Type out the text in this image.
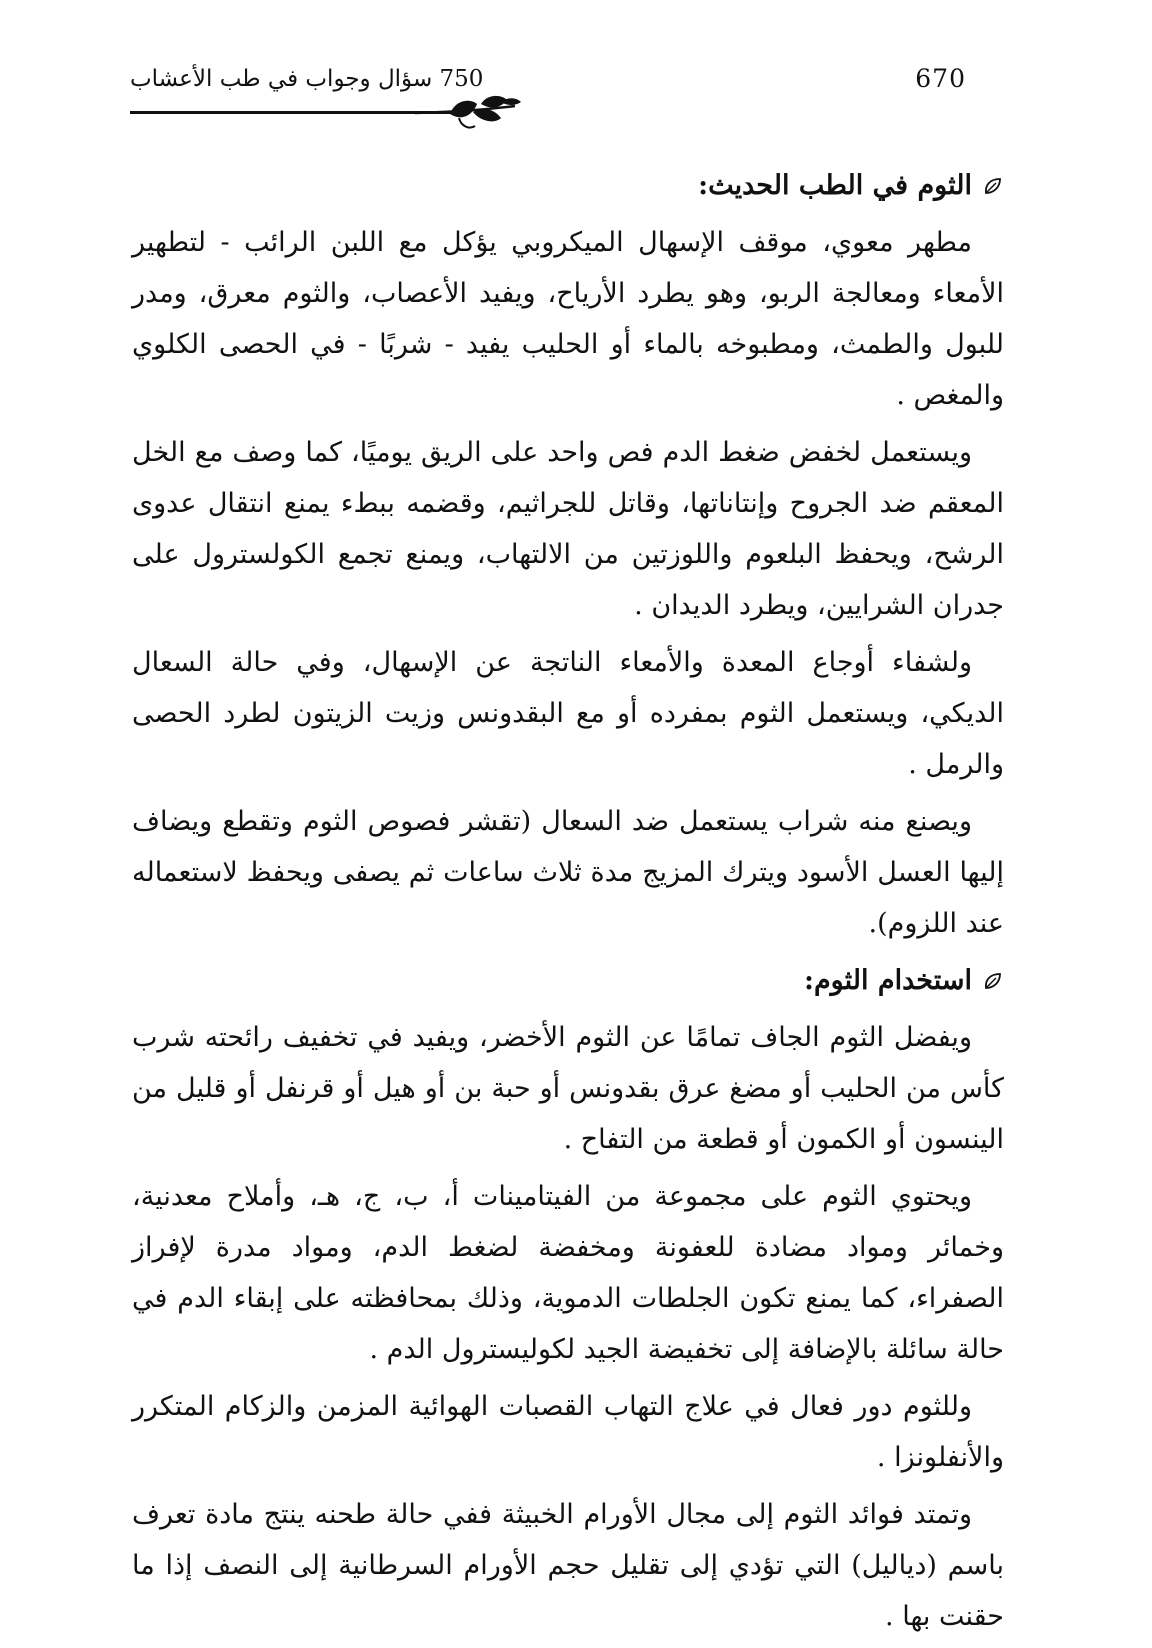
750 سؤال وجواب في طب الأعشاب	670

الثوم في الطب الحديث:

مطهر معوي، موقف الإسهال الميكروبي يؤكل مع اللبن الرائب - لتطهير الأمعاء ومعالجة الربو، وهو يطرد الأرياح، ويفيد الأعصاب، والثوم معرق، ومدر للبول والطمث، ومطبوخه بالماء أو الحليب يفيد - شربًا - في الحصى الكلوي والمغص .

ويستعمل لخفض ضغط الدم فص واحد على الريق يوميًا، كما وصف مع الخل المعقم ضد الجروح وإنتاناتها، وقاتل للجراثيم، وقضمه ببطء يمنع انتقال عدوى الرشح، ويحفظ البلعوم واللوزتين من الالتهاب، ويمنع تجمع الكولسترول على جدران الشرايين، ويطرد الديدان .

ولشفاء أوجاع المعدة والأمعاء الناتجة عن الإسهال، وفي حالة السعال الديكي، ويستعمل الثوم بمفرده أو مع البقدونس وزيت الزيتون لطرد الحصى والرمل .

ويصنع منه شراب يستعمل ضد السعال (تقشر فصوص الثوم وتقطع ويضاف إليها العسل الأسود ويترك المزيج مدة ثلاث ساعات ثم يصفى ويحفظ لاستعماله عند اللزوم).

استخدام الثوم:

ويفضل الثوم الجاف تمامًا عن الثوم الأخضر، ويفيد في تخفيف رائحته شرب كأس من الحليب أو مضغ عرق بقدونس أو حبة بن أو هيل أو قرنفل أو قليل من الينسون أو الكمون أو قطعة من التفاح .

ويحتوي الثوم على مجموعة من الفيتامينات أ، ب، ج، هـ، وأملاح معدنية، وخمائر ومواد مضادة للعفونة ومخفضة لضغط الدم، ومواد مدرة لإفراز الصفراء، كما يمنع تكون الجلطات الدموية، وذلك بمحافظته على إبقاء الدم في حالة سائلة بالإضافة إلى تخفيضة الجيد لكوليسترول الدم .

وللثوم دور فعال في علاج التهاب القصبات الهوائية المزمن والزكام المتكرر والأنفلونزا .

وتمتد فوائد الثوم إلى مجال الأورام الخبيثة ففي حالة طحنه ينتج مادة تعرف باسم (دياليل) التي تؤدي إلى تقليل حجم الأورام السرطانية إلى النصف إذا ما حقنت بها .
